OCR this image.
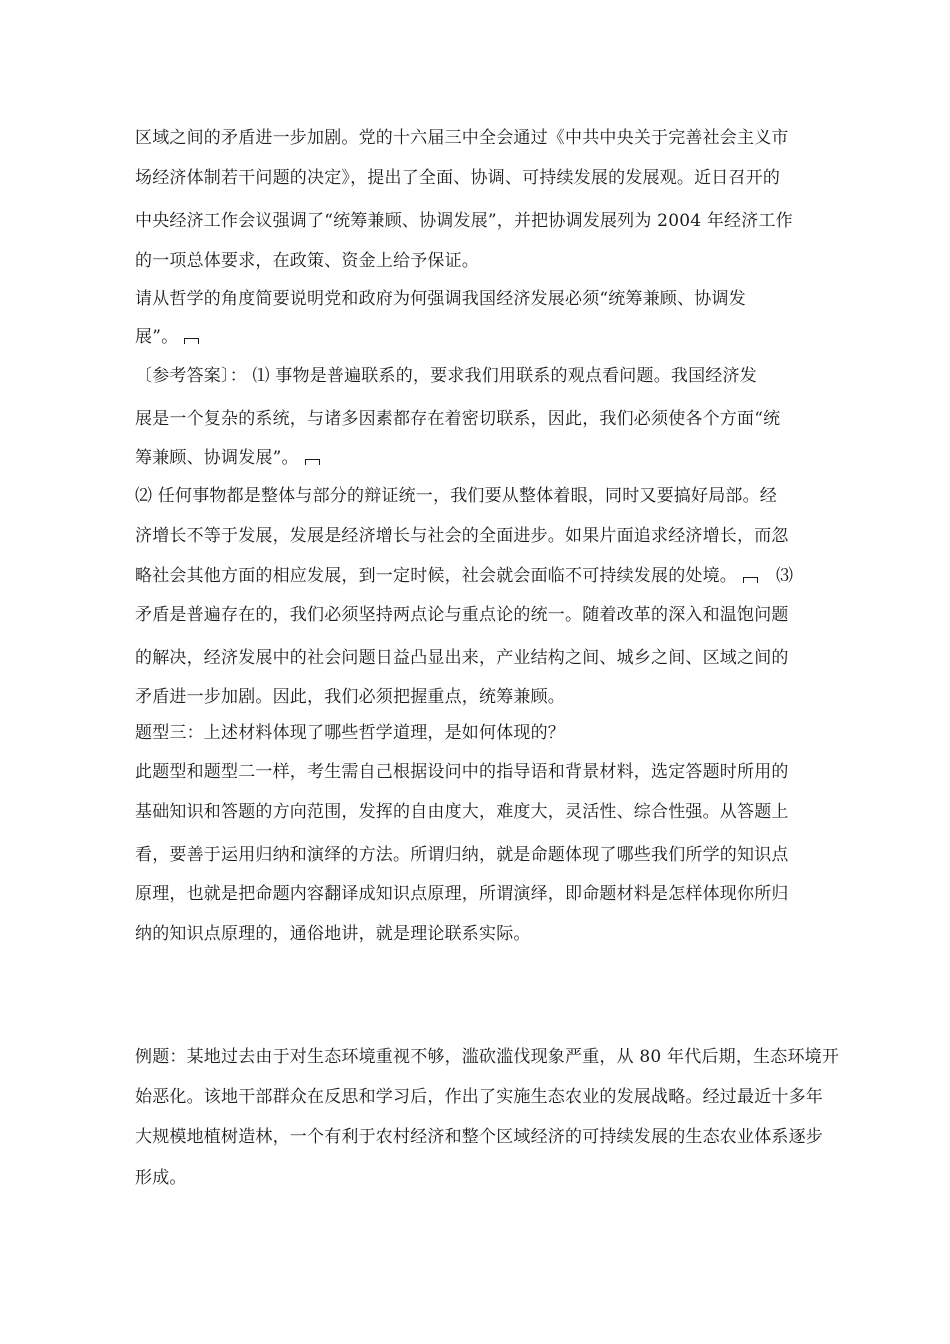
区域之间的矛盾进一步加剧。党的十六届三中全会通过《中共中央关于完善社会主义市
场经济体制若干问题的决定》，提出了全面、协调、可持续发展的发展观。近日召开的
中央经济工作会议强调了“统筹兼顾、协调发展”，并把协调发展列为 2004 年经济工作
的一项总体要求，在政策、资金上给予保证。
请从哲学的角度简要说明党和政府为何强调我国经济发展必须“统筹兼顾、协调发
展”。
〔参考答案〕： ⑴ 事物是普遍联系的，要求我们用联系的观点看问题。我国经济发
展是一个复杂的系统，与诸多因素都存在着密切联系，因此，我们必须使各个方面“统
筹兼顾、协调发展”。
⑵ 任何事物都是整体与部分的辩证统一，我们要从整体着眼，同时又要搞好局部。经
济增长不等于发展，发展是经济增长与社会的全面进步。如果片面追求经济增长，而忽
略社会其他方面的相应发展，到一定时候，社会就会面临不可持续发展的处境。 ⑶
矛盾是普遍存在的，我们必须坚持两点论与重点论的统一。随着改革的深入和温饱问题
的解决，经济发展中的社会问题日益凸显出来，产业结构之间、城乡之间、区域之间的
矛盾进一步加剧。因此，我们必须把握重点，统筹兼顾。
题型三：上述材料体现了哪些哲学道理，是如何体现的？
此题型和题型二一样，考生需自己根据设问中的指导语和背景材料，选定答题时所用的
基础知识和答题的方向范围，发挥的自由度大，难度大，灵活性、综合性强。从答题上
看，要善于运用归纳和演绎的方法。所谓归纳，就是命题体现了哪些我们所学的知识点
原理，也就是把命题内容翻译成知识点原理，所谓演绎，即命题材料是怎样体现你所归
纳的知识点原理的，通俗地讲，就是理论联系实际。
例题：某地过去由于对生态环境重视不够，滥砍滥伐现象严重，从 80 年代后期，生态环境开
始恶化。该地干部群众在反思和学习后，作出了实施生态农业的发展战略。经过最近十多年
大规模地植树造林，一个有利于农村经济和整个区域经济的可持续发展的生态农业体系逐步
形成。
